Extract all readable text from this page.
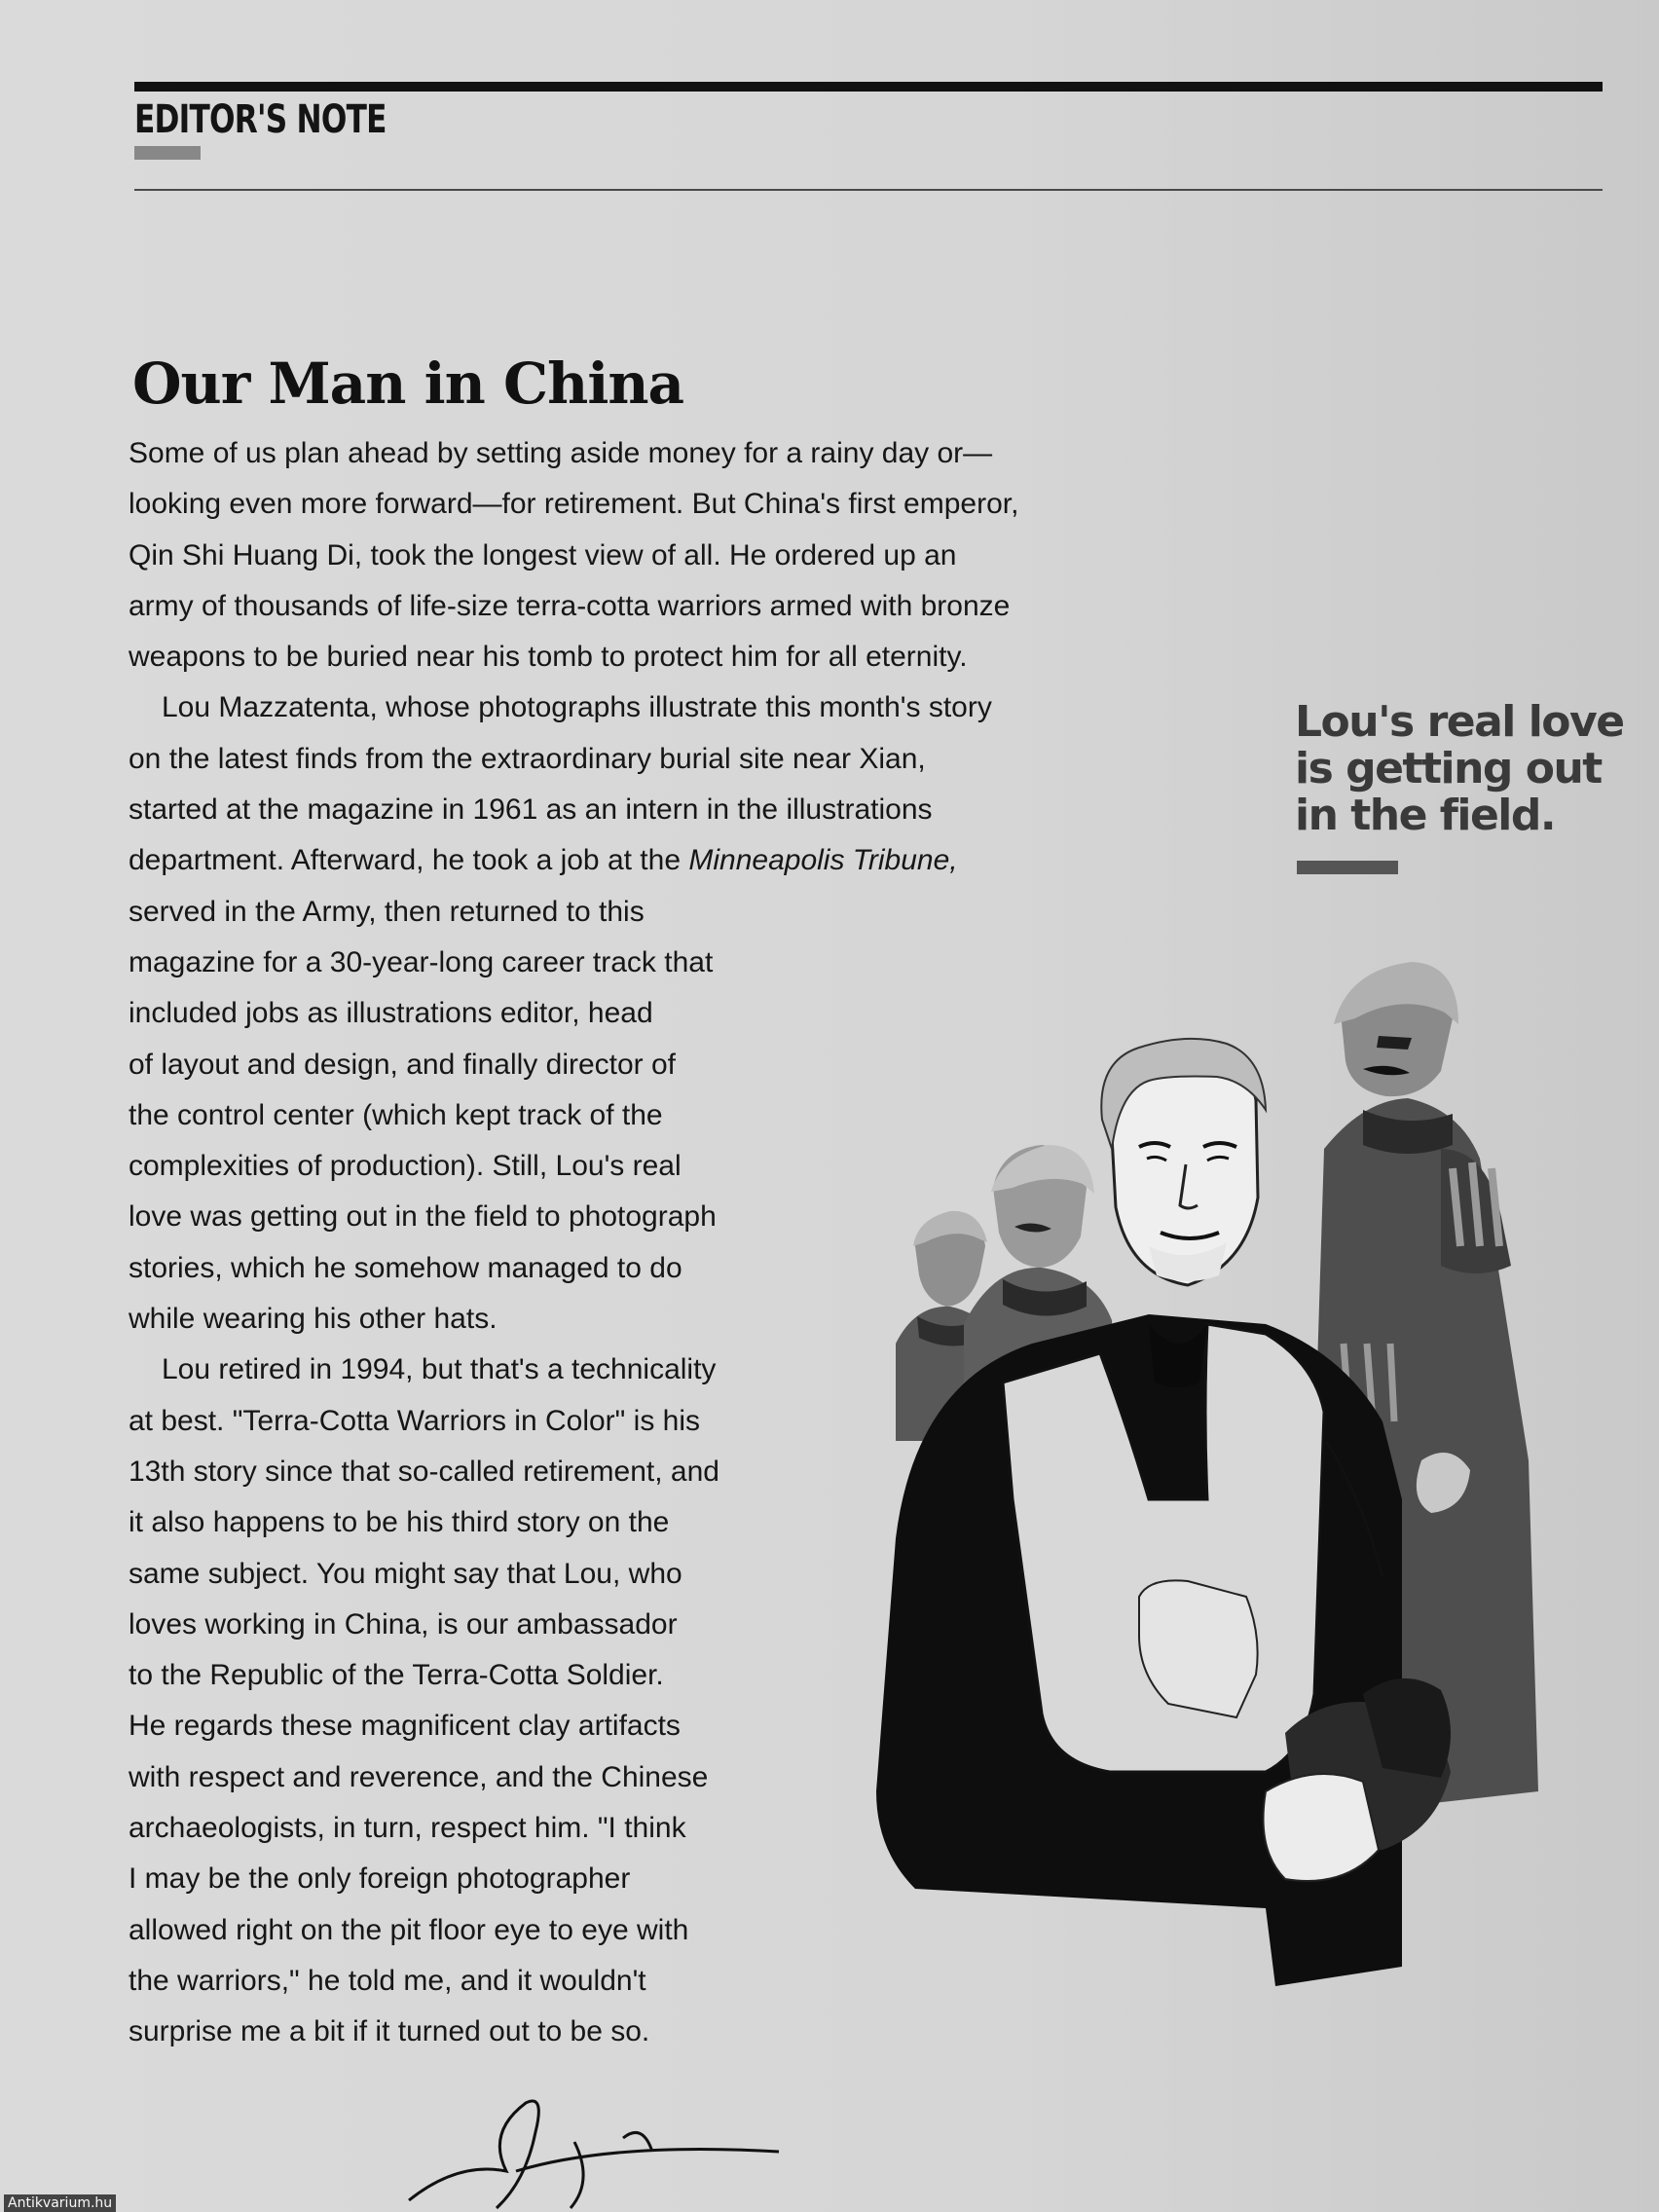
EDITOR'S NOTE
Our Man in China

Some of us plan ahead by setting aside money for a rainy day or—
looking even more forward—for retirement. But China's first emperor,
Qin Shi Huang Di, took the longest view of all. He ordered up an
army of thousands of life-size terra-cotta warriors armed with bronze
weapons to be buried near his tomb to protect him for all eternity.

Lou Mazzatenta, whose photographs illustrate this month's story
on the latest finds from the extraordinary burial site near Xian,
started at the magazine in 1961 as an intern in the illustrations
department. Afterward, he took a job at the Minneapolis Tribune,
served in the Army, then returned to this
magazine for a 30-year-long career track that
included jobs as illustrations editor, head
of layout and design, and finally director of
the control center (which kept track of the
complexities of production). Still, Lou's real
love was getting out in the field to photograph
stories, which he somehow managed to do
while wearing his other hats.

Lou retired in 1994, but that's a technicality
at best. "Terra-Cotta Warriors in Color" is his
13th story since that so-called retirement, and
it also happens to be his third story on the
same subject. You might say that Lou, who
loves working in China, is our ambassador
to the Republic of the Terra-Cotta Soldier.
He regards these magnificent clay artifacts
with respect and reverence, and the Chinese
archaeologists, in turn, respect him. "I think
I may be the only foreign photographer
allowed right on the pit floor eye to eye with
the warriors," he told me, and it wouldn't
surprise me a bit if it turned out to be so.

Lou's real love
is getting out
in the field.
Antikvarium.hu
